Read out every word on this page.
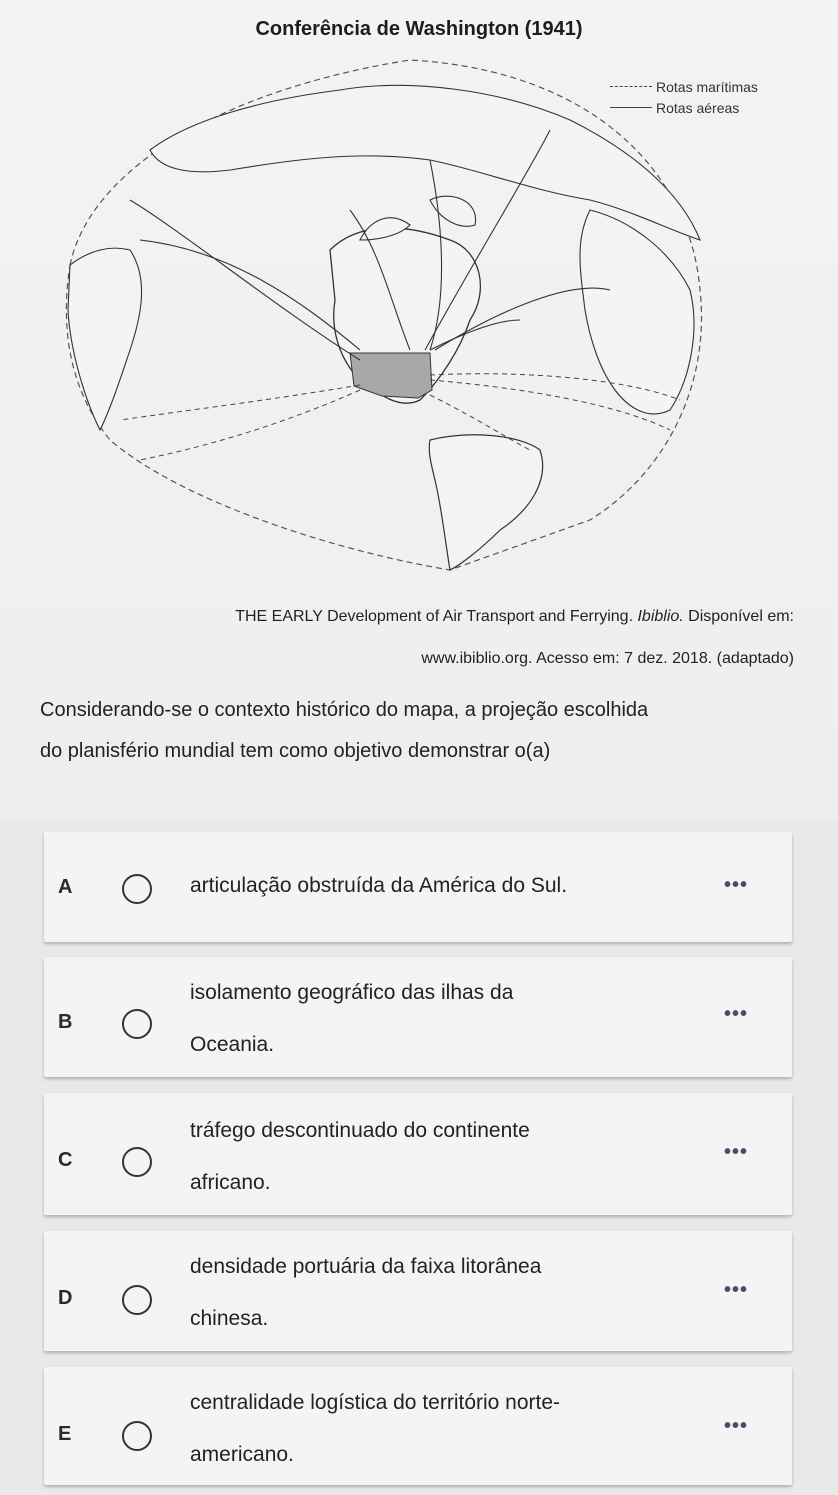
Conferência de Washington (1941)
Rotas marítimas
Rotas aéreas
THE EARLY Development of Air Transport and Ferrying. Ibiblio. Disponível em:
www.ibiblio.org. Acesso em: 7 dez. 2018. (adaptado)
Considerando-se o contexto histórico do mapa, a projeção escolhida
do planisfério mundial tem como objetivo demonstrar o(a)
A	articulação obstruída da América do Sul.	•••
B
isolamento geográfico das ilhas da
Oceania.
•••
C
tráfego descontinuado do continente
africano.
•••
D
densidade portuária da faixa litorânea
chinesa.
•••
E
centralidade logística do território norte-
americano.
•••
